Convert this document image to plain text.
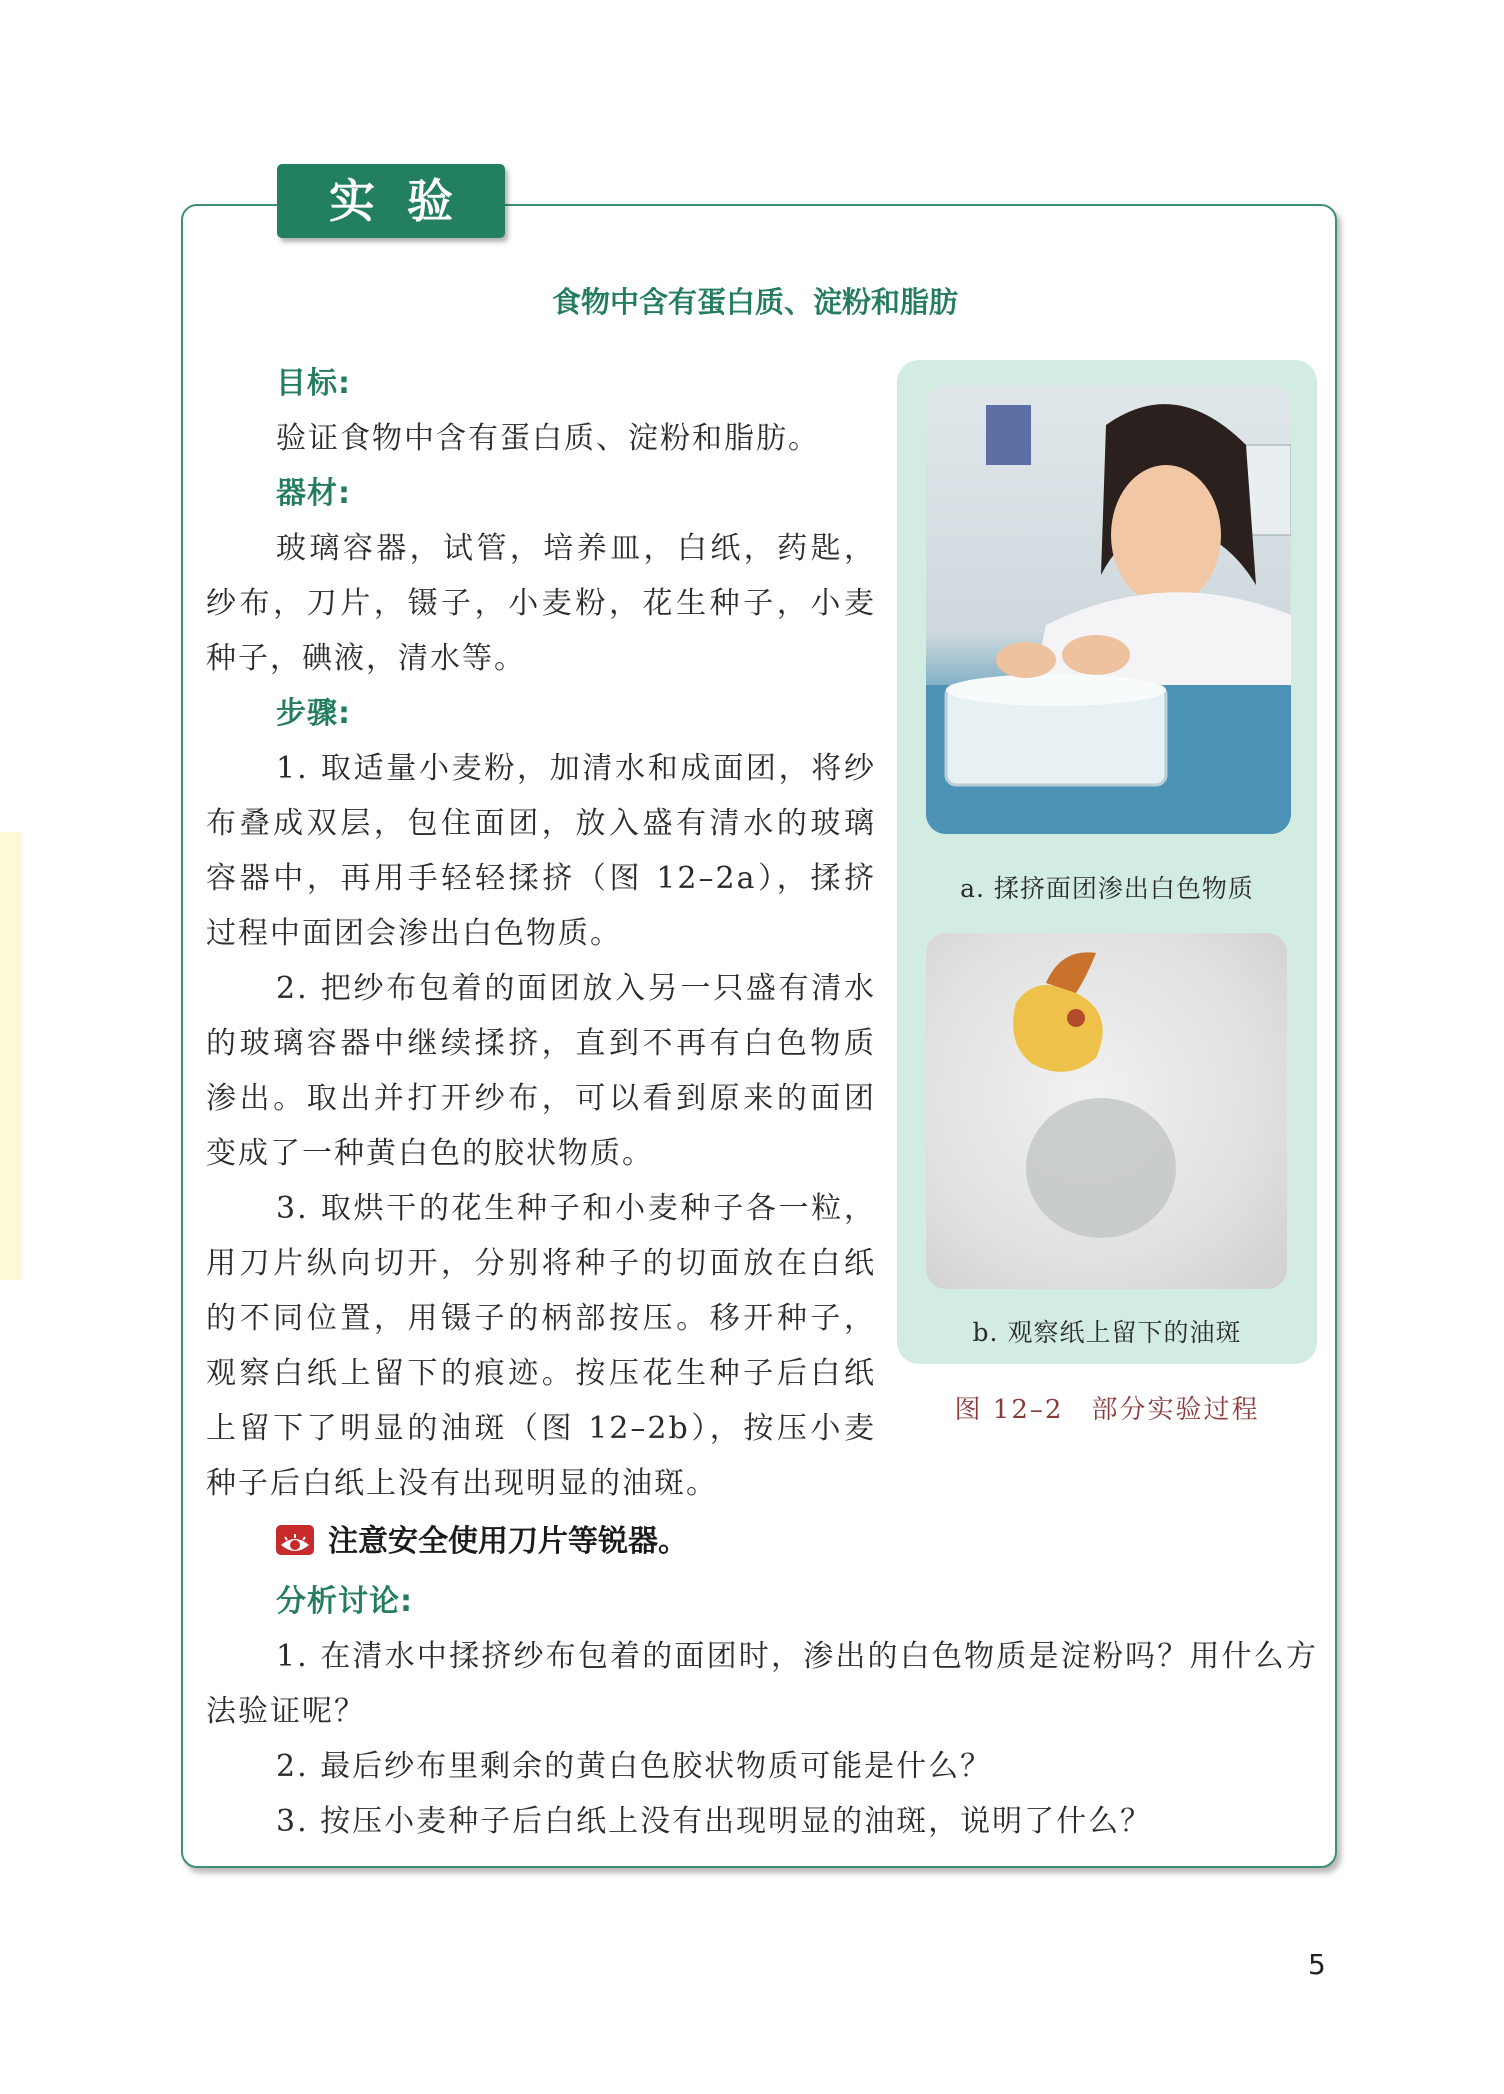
实验
食物中含有蛋白质、淀粉和脂肪

目标:

验证食物中含有蛋白质、淀粉和脂肪。

器材:

玻璃容器，试管，培养皿，白纸，药匙，纱布，刀片，镊子，小麦粉，花生种子，小麦种子，碘液，清水等。

步骤:

1. 取适量小麦粉，加清水和成面团，将纱布叠成双层，包住面团，放入盛有清水的玻璃容器中，再用手轻轻揉挤（图 12–2a），揉挤过程中面团会渗出白色物质。

2. 把纱布包着的面团放入另一只盛有清水的玻璃容器中继续揉挤，直到不再有白色物质渗出。取出并打开纱布，可以看到原来的面团变成了一种黄白色的胶状物质。

3. 取烘干的花生种子和小麦种子各一粒，用刀片纵向切开，分别将种子的切面放在白纸的不同位置，用镊子的柄部按压。移开种子，观察白纸上留下的痕迹。按压花生种子后白纸上留下了明显的油斑（图 12–2b），按压小麦种子后白纸上没有出现明显的油斑。

a. 揉挤面团渗出白色物质
b. 观察纸上留下的油斑
图 12–2　部分实验过程
注意安全使用刀片等锐器。

分析讨论:

1. 在清水中揉挤纱布包着的面团时，渗出的白色物质是淀粉吗？用什么方法验证呢？

2. 最后纱布里剩余的黄白色胶状物质可能是什么？

3. 按压小麦种子后白纸上没有出现明显的油斑，说明了什么？

5
